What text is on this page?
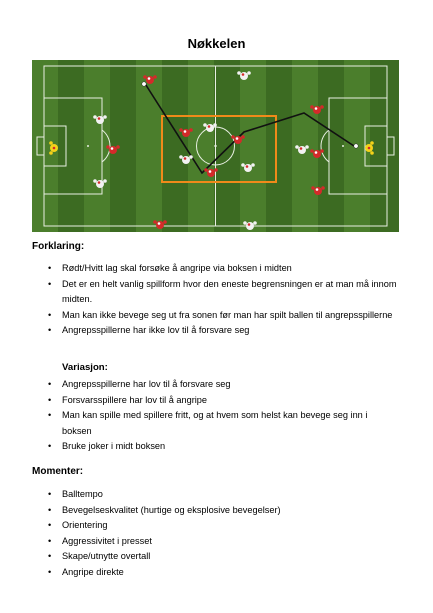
Nøkkelen

Forklaring:

• Rødt/Hvitt lag skal forsøke å angripe via boksen i midten
• Det er en helt vanlig spillform hvor den eneste begrensningen er at man må innom midten.
• Man kan ikke bevege seg ut fra sonen før man har spilt ballen til angrepsspillerne
• Angrepsspillerne har ikke lov til å forsvare seg

Variasjon:

• Angrepsspillerne har lov til å forsvare seg
• Forsvarsspillere har lov til å angripe
• Man kan spille med spillere fritt, og at hvem som helst kan bevege seg inn i boksen
• Bruke joker i midt boksen

Momenter:

• Balltempo
• Bevegelseskvalitet (hurtige og eksplosive bevegelser)
• Orientering
• Aggressivitet i presset
• Skape/utnytte overtall
• Angripe direkte
